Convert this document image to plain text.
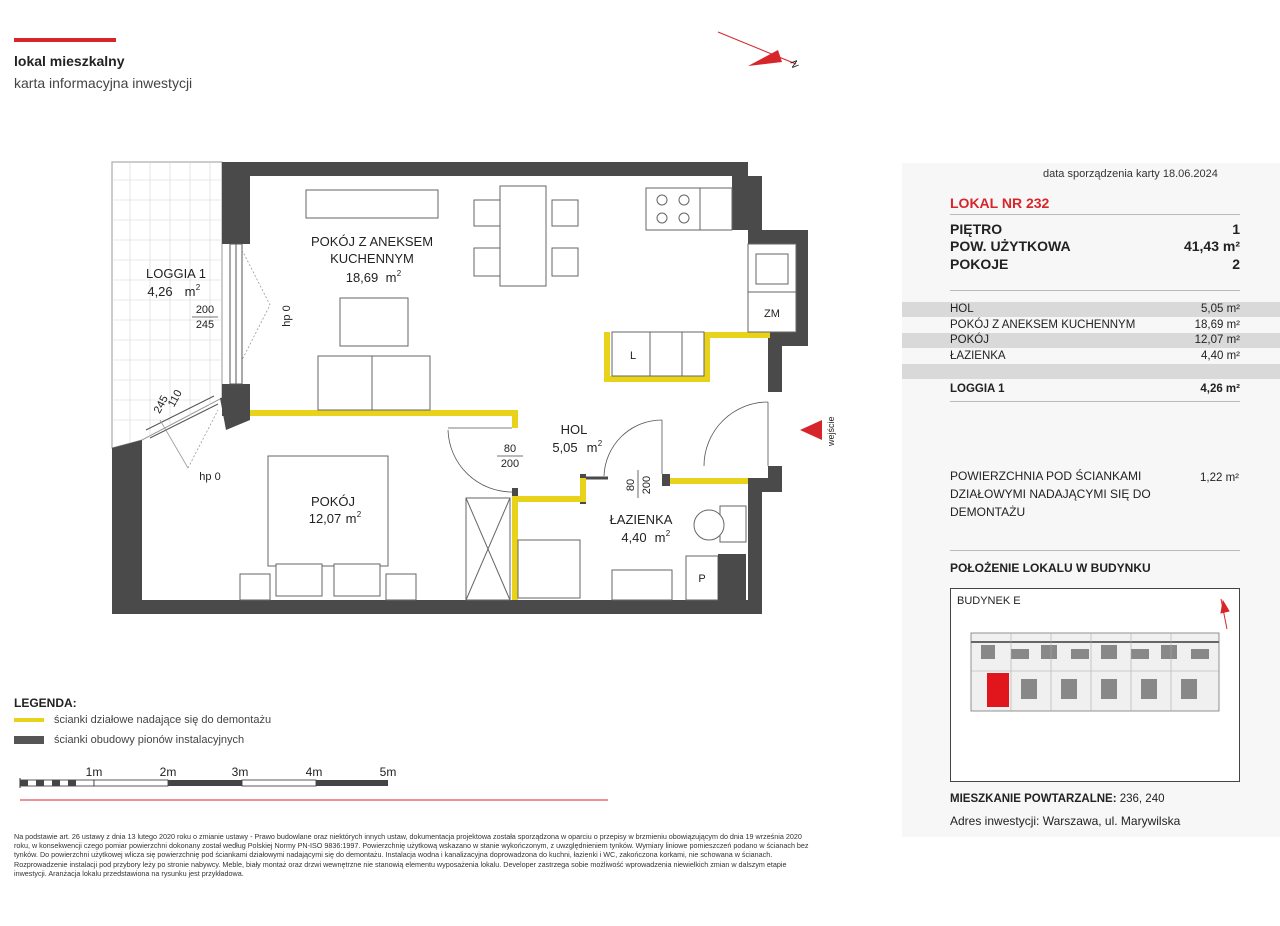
lokal mieszkalny
karta informacyjna inwestycji
N
wejście
LOGGIA 1
4,26 m 2
POKÓJ Z ANEKSEM
KUCHENNYM
18,69 m 2
HOL
5,05 m 2
POKÓJ
12,07 m 2	ŁAZIENKA
4,40 m 2
ZM
L
P
200
245	hp 0
110
245
hp 0
80
200
80 200
1m	2m	3m	4m	5m
LEGENDA:
ścianki działowe nadające się do demontażu
ścianki obudowy pionów instalacyjnych
Na podstawie art. 26 ustawy z dnia 13 lutego 2020 roku o zmianie ustawy - Prawo budowlane oraz niektórych innych ustaw, dokumentacja projektowa została sporządzona w oparciu o przepisy w brzmieniu obowiązującym do dnia 19 września 2020 roku, w konsekwencji czego pomiar powierzchni dokonany został według Polskiej Normy PN-ISO 9836:1997. Powierzchnię użytkową wskazano w stanie wykończonym, z uwzględnieniem tynków. Wymiary liniowe pomieszczeń podano w ścianach bez tynków. Do powierzchni użytkowej wlicza się powierzchnię pod ściankami działowymi nadającymi się do demontażu. Instalacja wodna i kanalizacyjna doprowadzona do kuchni, łazienki i WC, zakończona korkami, nie schowana w ścianach. Rozprowadzenie instalacji pod przybory leży po stronie nabywcy. Meble, biały montaż oraz drzwi wewnętrzne nie stanowią elementu wyposażenia lokalu. Developer zastrzega sobie możliwość wprowadzenia niewielkich zmian w dalszym etapie inwestycji. Aranżacja lokalu przedstawiona na rysunku jest przykładowa.
data sporządzenia karty 18.06.2024
LOKAL NR 232
PIĘTRO	1
POW. UŻYTKOWA	41,43 m²
POKOJE	2
HOL	5,05 m²
POKÓJ Z ANEKSEM KUCHENNYM	18,69 m²
POKÓJ	12,07 m²
ŁAZIENKA	4,40 m²
LOGGIA 1	4,26 m²
POWIERZCHNIA POD ŚCIANKAMI DZIAŁOWYMI NADAJĄCYMI SIĘ DO DEMONTAŻU
1,22 m²
POŁOŻENIE LOKALU W BUDYNKU
BUDYNEK E
MIESZKANIE POWTARZALNE: 236, 240
Adres inwestycji: Warszawa, ul. Marywilska
